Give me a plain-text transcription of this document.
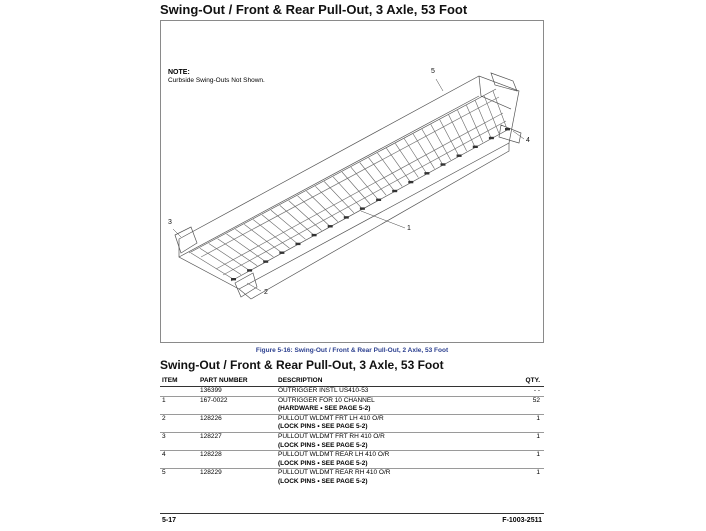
Swing-Out / Front & Rear Pull-Out, 3 Axle, 53 Foot
NOTE:
Curbside Swing-Outs Not Shown.
5
4
3
1
2
Figure 5-16: Swing-Out / Front & Rear Pull-Out, 2 Axle, 53 Foot
Swing-Out / Front & Rear Pull-Out, 3 Axle, 53 Foot
ITEM	PART NUMBER	DESCRIPTION	QTY.
	136399	OUTRIGGER INSTL US410-53	- -
1	167-0022	OUTRIGGER FOR 10 CHANNEL
(HARDWARE • SEE PAGE 5-2)	52
2	128226	PULLOUT WLDMT FRT LH 410 O/R
(LOCK PINS • SEE PAGE 5-2)	1
3	128227	PULLOUT WLDMT FRT RH 410 O/R
(LOCK PINS • SEE PAGE 5-2)	1
4	128228	PULLOUT WLDMT REAR LH 410 O/R
(LOCK PINS • SEE PAGE 5-2)	1
5	128229	PULLOUT WLDMT REAR RH 410 O/R
(LOCK PINS • SEE PAGE 5-2)	1
5-17	F-1003-2511
